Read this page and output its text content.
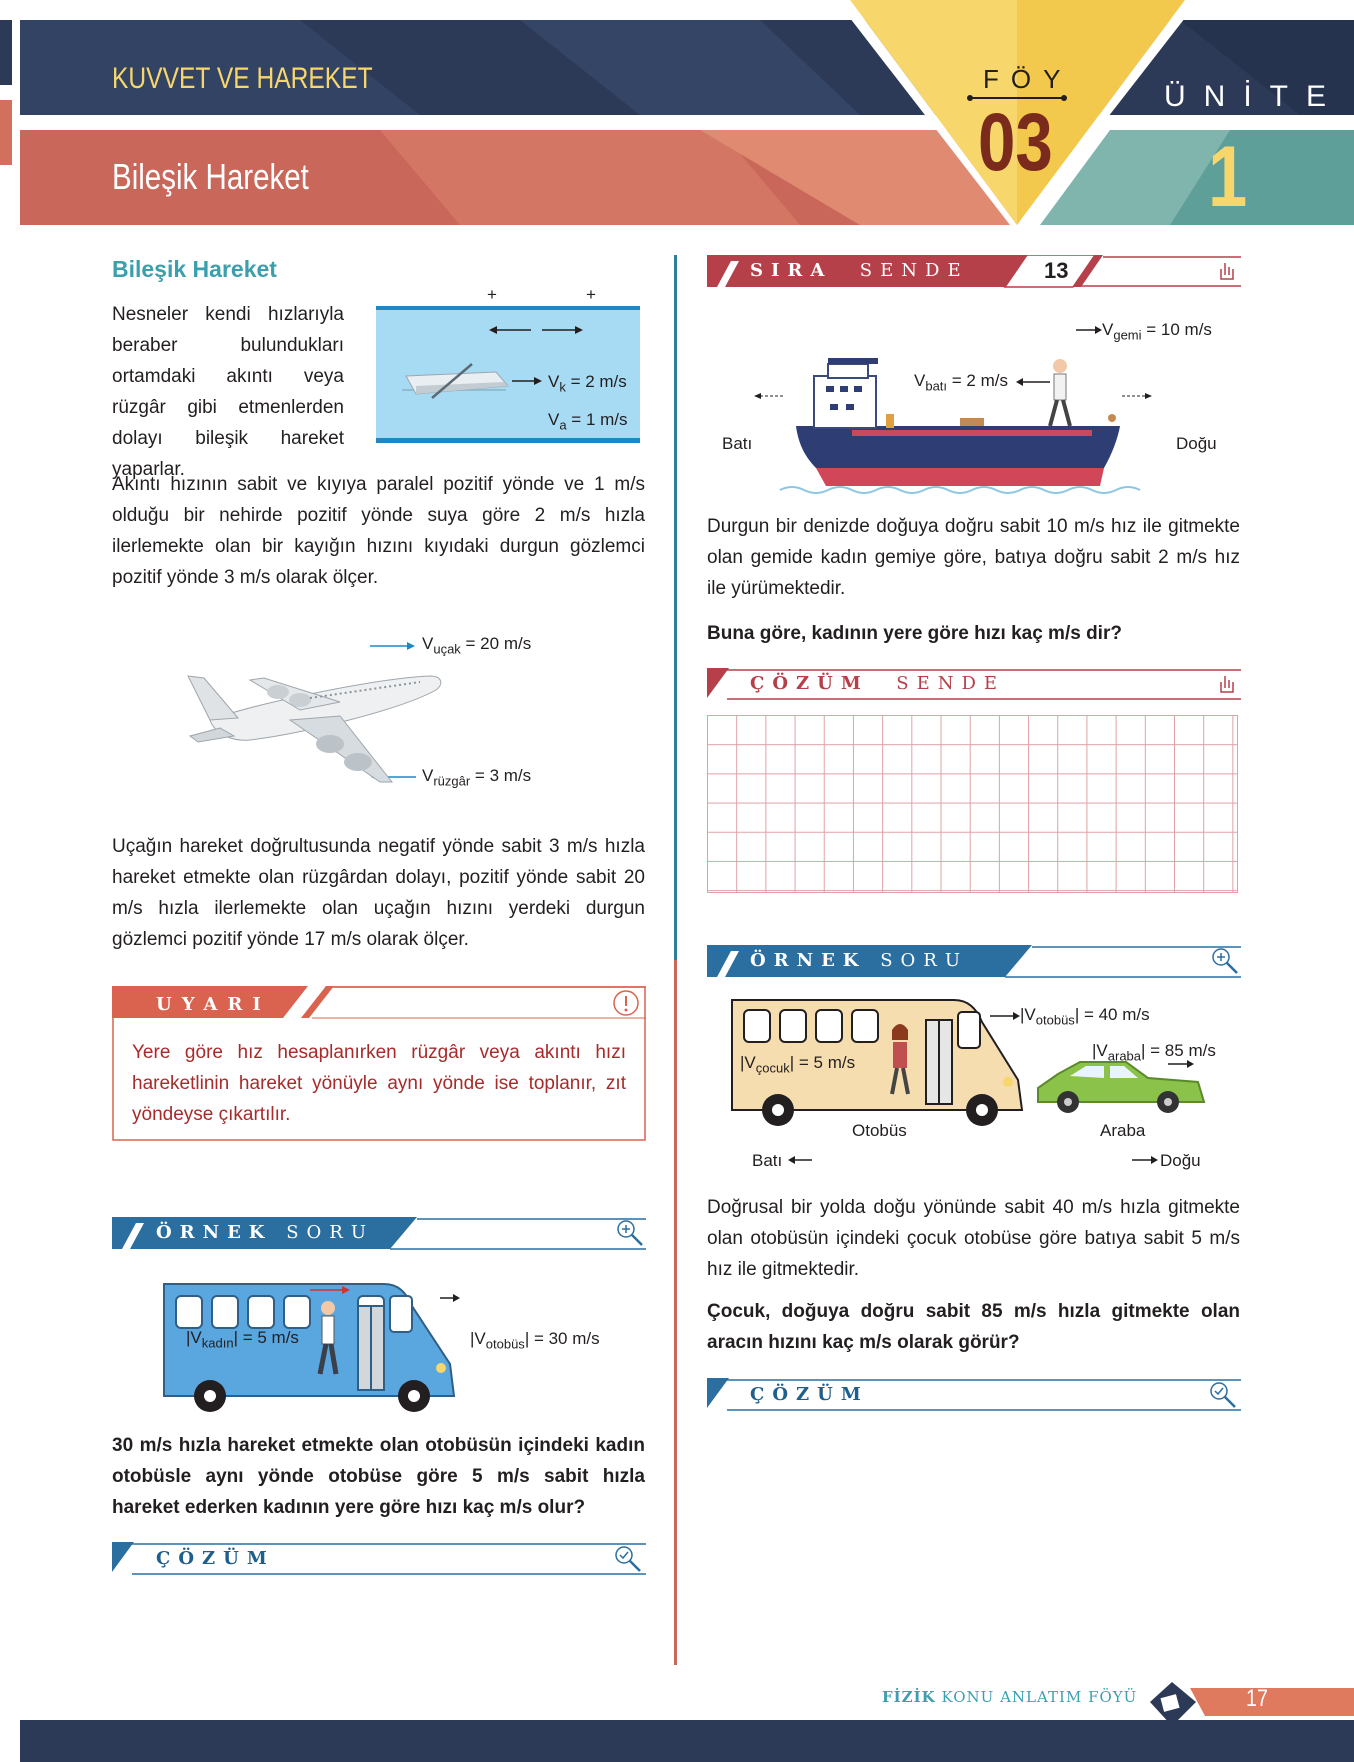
KUVVET VE HAREKET
Bileşik Hareket
FÖY
03
ÜNİTE
1
Bileşik Hareket
Nesneler kendi hızlarıyla beraber bulundukları ortamdaki akıntı veya rüzgâr gibi etmenlerden dolayı bileşik hareket yaparlar.
+	+
$V_k = 2$ m/s
$V_a = 1$ m/s
Akıntı hızının sabit ve kıyıya paralel pozitif yönde ve 1 m/s olduğu bir nehirde pozitif yönde suya göre 2 m/s hızla ilerlemekte olan bir kayığın hızını kıyıdaki durgun gözlemci pozitif yönde 3 m/s olarak ölçer.
$V_{uçak} = 20$ m/s
$V_{rüzgâr} = 3$ m/s
Uçağın hareket doğrultusunda negatif yönde sabit 3 m/s hızla hareket etmekte olan rüzgârdan dolayı, pozitif yönde sabit 20 m/s hızla ilerlemekte olan uçağın hızını yerdeki durgun gözlemci pozitif yönde 17 m/s olarak ölçer.
UYARI
Yere göre hız hesaplanırken rüzgâr veya akıntı hızı hareketlinin hareket yönüyle aynı yönde ise toplanır, zıt yöndeyse çıkartılır.
ÖRNEK SORU
$|V_{kadın}| = 5$ m/s	$|V_{otobüs}| = 30$ m/s
30 m/s hızla hareket etmekte olan otobüsün içindeki kadın otobüsle aynı yönde otobüse göre 5 m/s sabit hızla hareket ederken kadının yere göre hızı kaç m/s olur?
ÇÖZÜM
SIRA SENDE	13
$V_{gemi} = 10$ m/s
$V_{batı} = 2$ m/s
Batı	Doğu
Durgun bir denizde doğuya doğru sabit 10 m/s hız ile gitmekte olan gemide kadın gemiye göre, batıya doğru sabit 2 m/s hız ile yürümektedir.
Buna göre, kadının yere göre hızı kaç m/s dir?
ÇÖZÜM SENDE
ÖRNEK SORU
$|V_{otobüs}| = 40$ m/s
$|V_{araba}| = 85$ m/s
$|V_{çocuk}| = 5$ m/s
Otobüs	Araba
Batı	Doğu
Doğrusal bir yolda doğu yönünde sabit 40 m/s hızla gitmekte olan otobüsün içindeki çocuk otobüse göre batıya sabit 5 m/s hız ile gitmektedir.
Çocuk, doğuya doğru sabit 85 m/s hızla gitmekte olan aracın hızını kaç m/s olarak görür?
ÇÖZÜM
FİZİK KONU ANLATIM FÖYÜ	17
